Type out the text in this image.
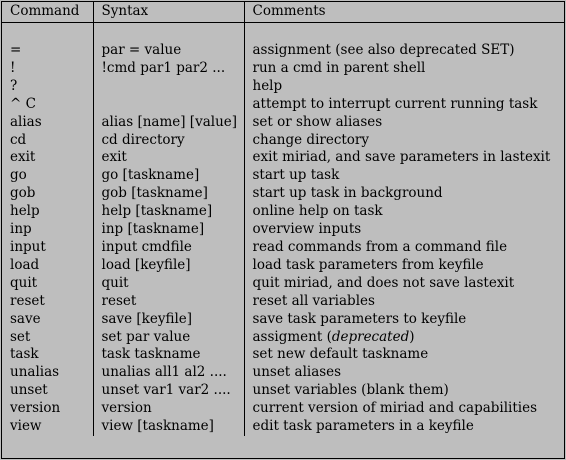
Command	Syntax	Comments

=	par = value	assignment (see also deprecated SET)
!	!cmd par1 par2 ...	run a cmd in parent shell
?		help
^ C		attempt to interrupt current running task
alias	alias [name] [value]	set or show aliases
cd	cd directory	change directory
exit	exit	exit miriad, and save parameters in lastexit
go	go [taskname]	start up task
gob	gob [taskname]	start up task in background
help	help [taskname]	online help on task
inp	inp [taskname]	overview inputs
input	input cmdfile	read commands from a command file
load	load [keyfile]	load task parameters from keyfile
quit	quit	quit miriad, and does not save lastexit
reset	reset	reset all variables
save	save [keyfile]	save task parameters to keyfile
set	set par value	assigment (deprecated)
task	task taskname	set new default taskname
unalias	unalias all1 al2 ....	unset aliases
unset	unset var1 var2 ....	unset variables (blank them)
version	version	current version of miriad and capabilities
view	view [taskname]	edit task parameters in a keyfile
